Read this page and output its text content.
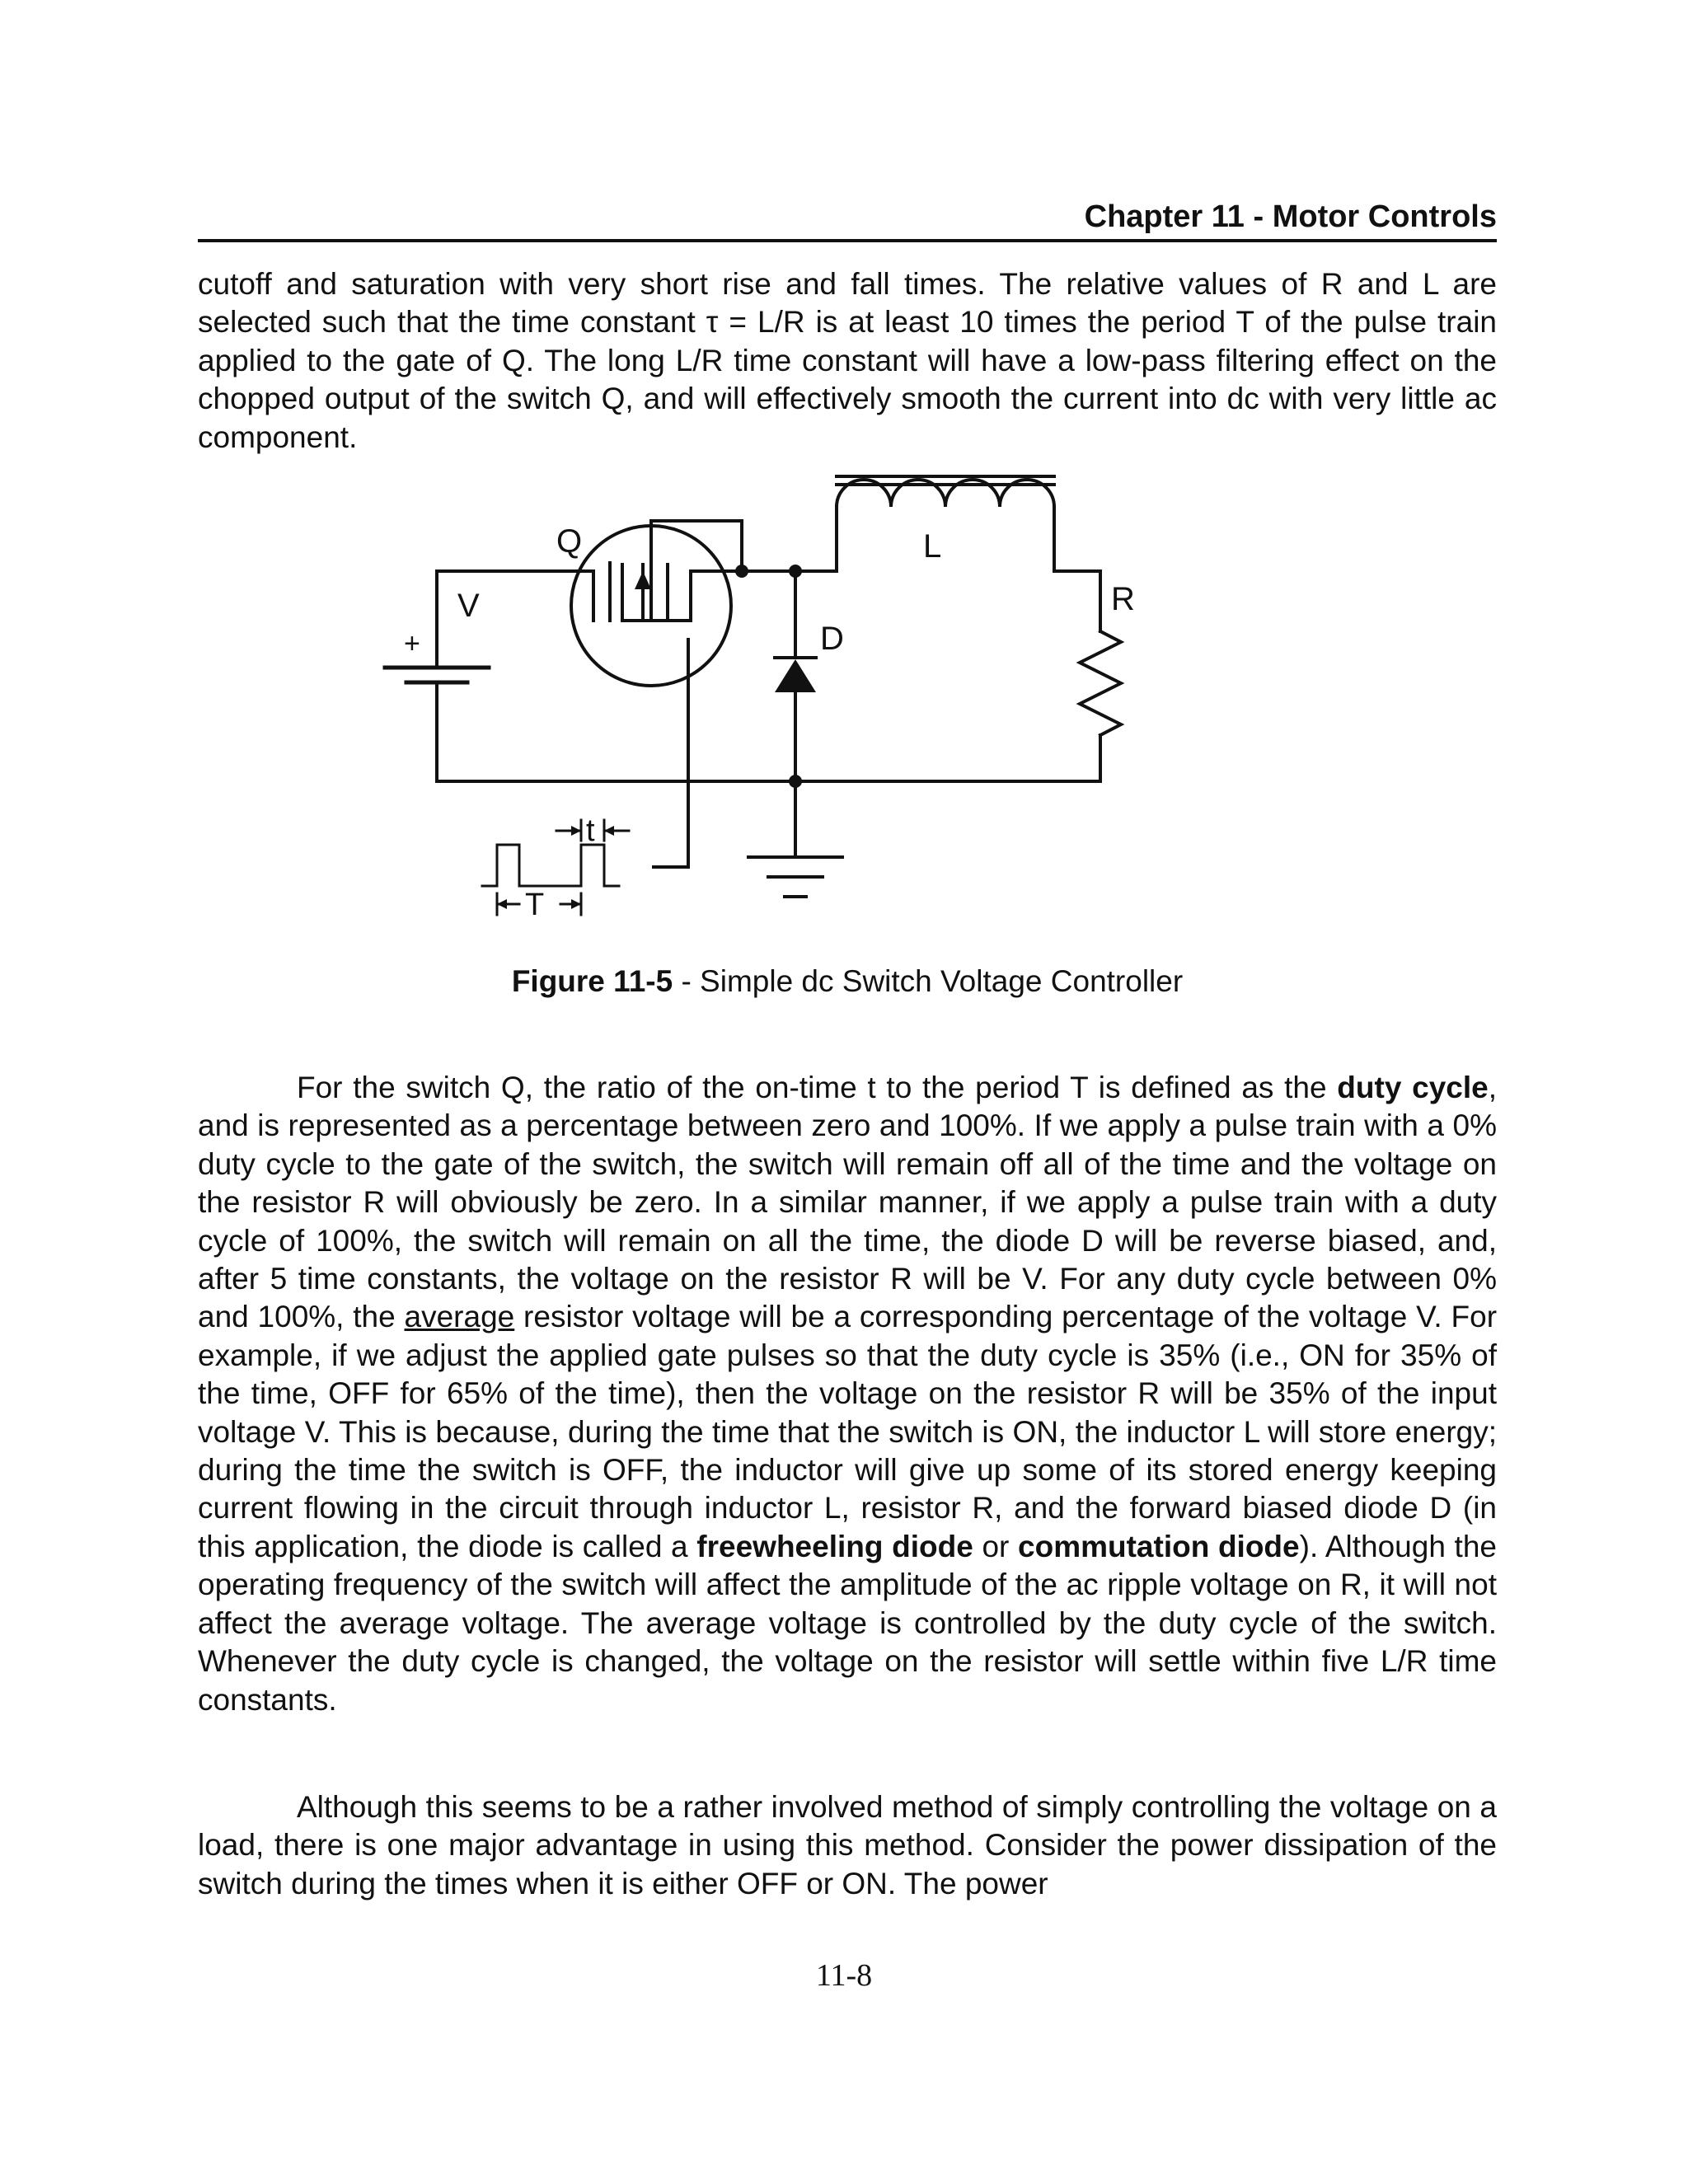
Chapter 11 - Motor Controls

cutoff and saturation with very short rise and fall times. The relative values of R and L are selected such that the time constant τ = L/R is at least 10 times the period T of the pulse train applied to the gate of Q. The long L/R time constant will have a low-pass filtering effect on the chopped output of the switch Q, and will effectively smooth the current into dc with very little ac component.

Q	L
R
V
+	D
t
T
Figure 11-5 - Simple dc Switch Voltage Controller

For the switch Q, the ratio of the on-time t to the period T is defined as the duty cycle, and is represented as a percentage between zero and 100%. If we apply a pulse train with a 0% duty cycle to the gate of the switch, the switch will remain off all of the time and the voltage on the resistor R will obviously be zero. In a similar manner, if we apply a pulse train with a duty cycle of 100%, the switch will remain on all the time, the diode D will be reverse biased, and, after 5 time constants, the voltage on the resistor R will be V. For any duty cycle between 0% and 100%, the average resistor voltage will be a corresponding percentage of the voltage V. For example, if we adjust the applied gate pulses so that the duty cycle is 35% (i.e., ON for 35% of the time, OFF for 65% of the time), then the voltage on the resistor R will be 35% of the input voltage V. This is because, during the time that the switch is ON, the inductor L will store energy; during the time the switch is OFF, the inductor will give up some of its stored energy keeping current flowing in the circuit through inductor L, resistor R, and the forward biased diode D (in this application, the diode is called a freewheeling diode or commutation diode). Although the operating frequency of the switch will affect the amplitude of the ac ripple voltage on R, it will not affect the average voltage. The average voltage is controlled by the duty cycle of the switch. Whenever the duty cycle is changed, the voltage on the resistor will settle within five L/R time constants.

Although this seems to be a rather involved method of simply controlling the voltage on a load, there is one major advantage in using this method. Consider the power dissipation of the switch during the times when it is either OFF or ON. The power

11-8
